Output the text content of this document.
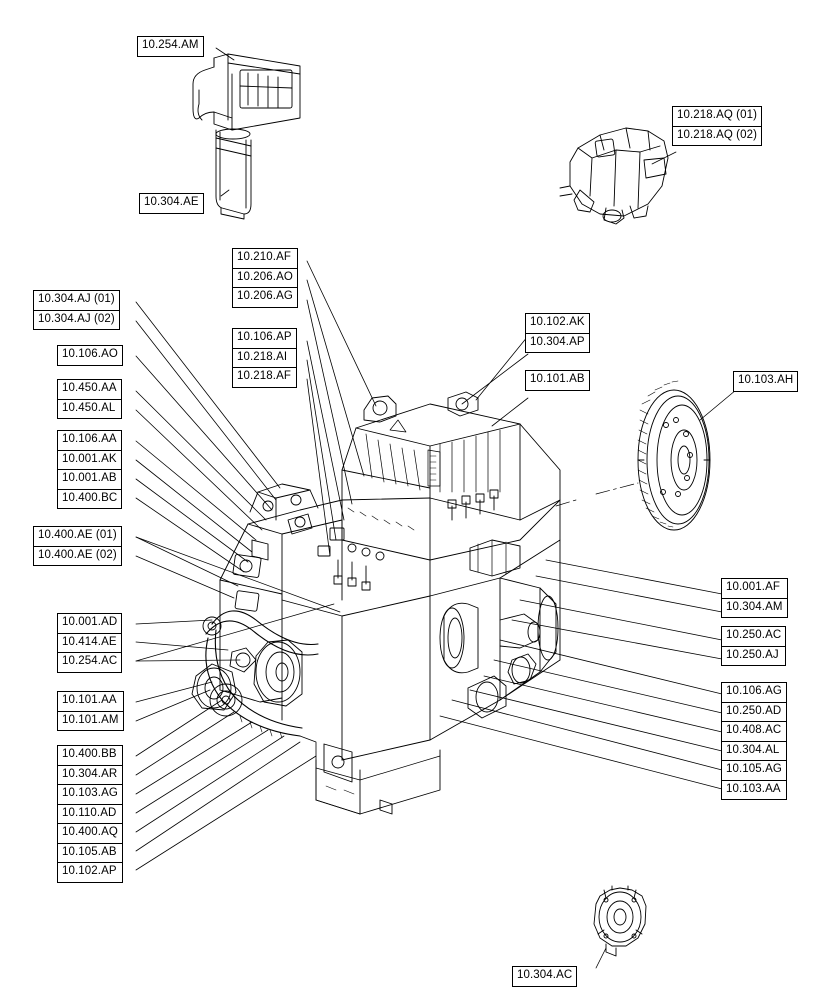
10.254.AM
10.304.AE
10.218.AQ (01)
10.218.AQ (02)
10.210.AF
10.206.AO
10.206.AG
10.106.AP
10.218.AI
10.218.AF
10.102.AK
10.304.AP
10.101.AB	10.103.AH
10.304.AJ (01)
10.304.AJ (02)
10.106.AO
10.450.AA
10.450.AL
10.106.AA
10.001.AK
10.001.AB
10.400.BC
10.400.AE (01)
10.400.AE (02)
10.001.AD
10.414.AE
10.254.AC
10.101.AA
10.101.AM
10.400.BB
10.304.AR
10.103.AG
10.110.AD
10.400.AQ
10.105.AB
10.102.AP
10.001.AF
10.304.AM
10.250.AC
10.250.AJ
10.106.AG
10.250.AD
10.408.AC
10.304.AL
10.105.AG
10.103.AA
10.304.AC
